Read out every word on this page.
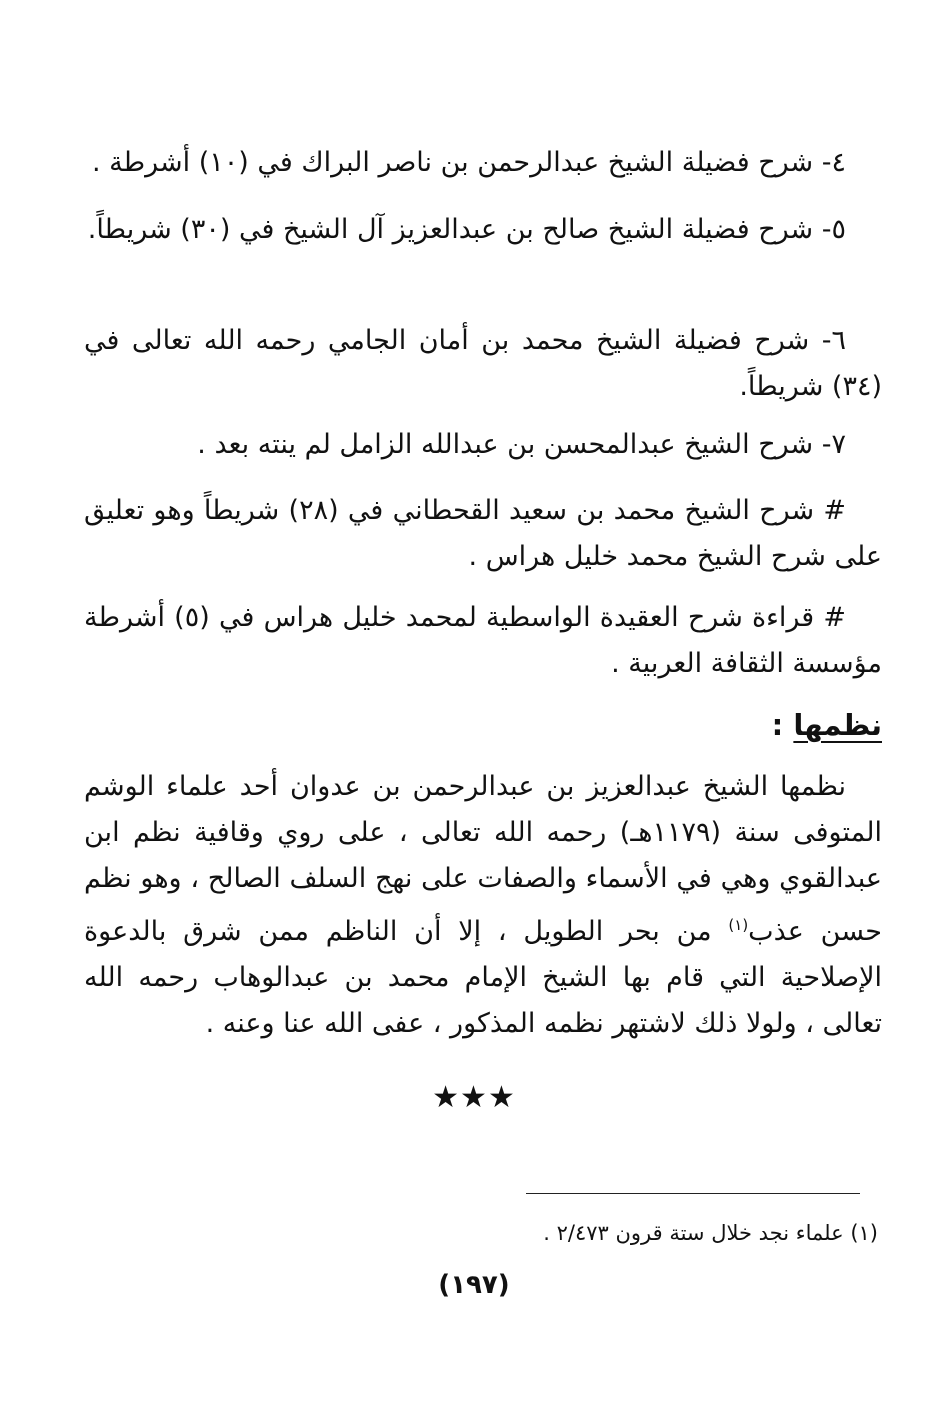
٤- شرح فضيلة الشيخ عبدالرحمن بن ناصر البراك في (١٠) أشرطة .

٥- شرح فضيلة الشيخ صالح بن عبدالعزيز آل الشيخ في (٣٠) شريطاً.

٦- شرح فضيلة الشيخ محمد بن أمان الجامي رحمه الله تعالى في (٣٤) شريطاً.

٧- شرح الشيخ عبدالمحسن بن عبدالله الزامل لم ينته بعد .

# شرح الشيخ محمد بن سعيد القحطاني في (٢٨) شريطاً وهو تعليق على شرح الشيخ محمد خليل هراس .

# قراءة شرح العقيدة الواسطية لمحمد خليل هراس في (٥) أشرطة مؤسسة الثقافة العربية .

نظمها :

نظمها الشيخ عبدالعزيز بن عبدالرحمن بن عدوان أحد علماء الوشم المتوفى سنة (١١٧٩هـ) رحمه الله تعالى ، على روي وقافية نظم ابن عبدالقوي وهي في الأسماء والصفات على نهج السلف الصالح ، وهو نظم حسن عذب$^{(١)}$ من بحر الطويل ، إلا أن الناظم ممن شرق بالدعوة الإصلاحية التي قام بها الشيخ الإمام محمد بن عبدالوهاب رحمه الله تعالى ، ولولا ذلك لاشتهر نظمه المذكور ، عفى الله عنا وعنه .

★★★
(١) علماء نجد خلال ستة قرون ٢/٤٧٣ .
(١٩٧)
